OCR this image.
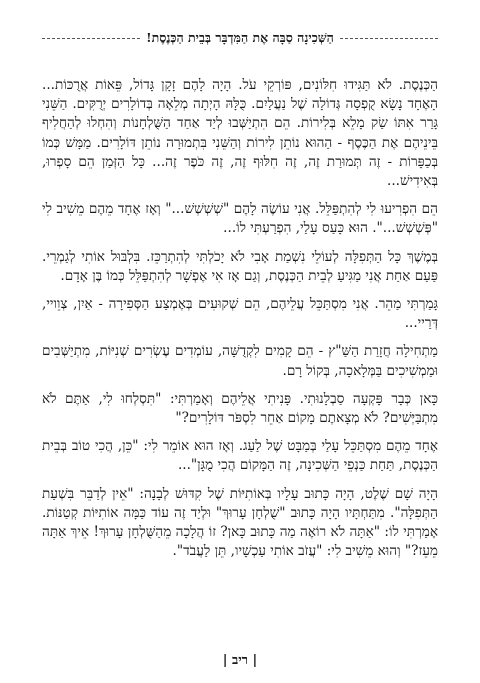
הַשְּׁכִינָה סַבָּה אֶת הַמִּדְבָּר בְּבֵית הַכְּנֶסֶת!

הַכְּנֶסֶת. לֹא תַּגִּידוּ חִלּוֹנִים, פּוֹרְקֵי עֹל. הָיָה לָהֶם זָקָן גָּדוֹל, פֵּאוֹת אֲרֻכּוֹת... הָאֶחָד נָשָׂא קֻפְסָה גְּדוֹלָה שֶׁל נַעֲלַיִם. כֻּלָּהּ הָיְתָה מְלֵאָה בְּדוֹלָרִים יְרֻקִּים. הַשֵּׁנִי גָּרַר אִתּוֹ שַׂק מָלֵא בְּלִירוֹת. הֵם הִתְיַשְּׁבוּ לְיַד אַחַד הַשֻּׁלְחָנוֹת וְהִחְלוּ לְהַחֲלִיף בֵּינֵיהֶם אֶת הַכֶּסֶף - הַהוּא נוֹתֵן לִירוֹת וְהַשֵּׁנִי בִּתְמוּרָה נוֹתֵן דּוֹלָרִים. מַמָּשׁ כְּמוֹ בְּכַפָּרוֹת - זֶה תְּמוּרַת זֶה, זֶה חִלּוּף זֶה, זֶה כֹּפֶר זֶה... כָּל הַזְּמַן הֵם סָפְרוּ, בְּאִידִישׁ...

הֵם הִפְרִיעוּ לִי לְהִתְפַּלֵּל. אֲנִי עוֹשֶׂה לָהֶם "שְׁשְׁשְׁשׁ..." וְאָז אֶחָד מֵהֶם מֵשִׁיב לִי "פְּשְׁשְׁשׁ...". הוּא כָּעַס עָלַי, הִפְרַעְתִּי לוֹ...

בְּמֶשֶׁךְ כָּל הַתְּפִלָּה לְעוֹלֵי נִשְׁמַת אָבִי לֹא יָכֹלְתִּי לְהִתְרַכֵּז. בִּלְבּוּל אוֹתִי לְגַמְרֵי. פַּעַם אַחַת אֲנִי מַגִּיעַ לְבֵית הַכְּנֶסֶת, וְגַם אָז אִי אֶפְשָׁר לְהִתְפַּלֵּל כְּמוֹ בֶּן אָדָם.

גָּמַרְתִּי מַהֵר. אֲנִי מִסְתַּכֵּל עֲלֵיהֶם, הֵם שְׁקוּעִים בְּאֶמְצַע הַסְּפִירָה - אַיִן, צְוֵויי, דְּרַיי...

מַתְחִילָה חֲזָרַת הַשַּׁ"ץ - הֵם קָמִים לִקְדֻשָּׁה, עוֹמְדִים עֶשְׂרִים שְׁנִיּוֹת, מִתְיַשְּׁבִים וּמַמְשִׁיכִים בַּמְּלָאכָה, בְּקוֹל רָם.

כָּאן כְּבָר פָּקְעָה סַבְלָנוּתִי. פָּנִיתִי אֲלֵיהֶם וְאָמַרְתִּי: "תִּסְלְחוּ לִי, אַתֶּם לֹא מִתְבַּיְּשִׁים? לֹא מְצָאתֶם מָקוֹם אַחֵר לִסְפֹּר דּוֹלָרִים?"

אֶחָד מֵהֶם מִסְתַּכֵּל עָלַי בְּמַבָּט שֶׁל לַעַג. וְאָז הוּא אוֹמֵר לִי: "כֵּן, הֲכִי טוֹב בְּבֵית הַכְּנֶסֶת, תַּחַת כַּנְפֵי הַשְּׁכִינָה, זֶה הַמָּקוֹם הֲכִי מֻגָּן"...

הָיָה שָׁם שֶׁלֶט, הָיָה כָּתוּב עָלָיו בְּאוֹתִיּוֹת שֶׁל קִדּוּשׁ לְבָנָה: "אֵין לְדַבֵּר בִּשְׁעַת הַתְּפִלָּה". מִתַּחְתָּיו הָיָה כָּתוּב "שֻׁלְחָן עָרוּךְ" וּלְיַד זֶה עוֹד כַּמָּה אוֹתִיּוֹת קְטַנּוֹת. אָמַרְתִּי לוֹ: "אַתָּה לֹא רוֹאֶה מַה כָּתוּב כָּאן? זוֹ הֲלָכָה מֵהַשֻּׁלְחָן עָרוּךְ! אֵיךְ אַתָּה מֵעֵז?" וְהוּא מֵשִׁיב לִי: "עֲזֹב אוֹתִי עַכְשָׁיו, תֵּן לַעֲבֹד".

| ריב |
